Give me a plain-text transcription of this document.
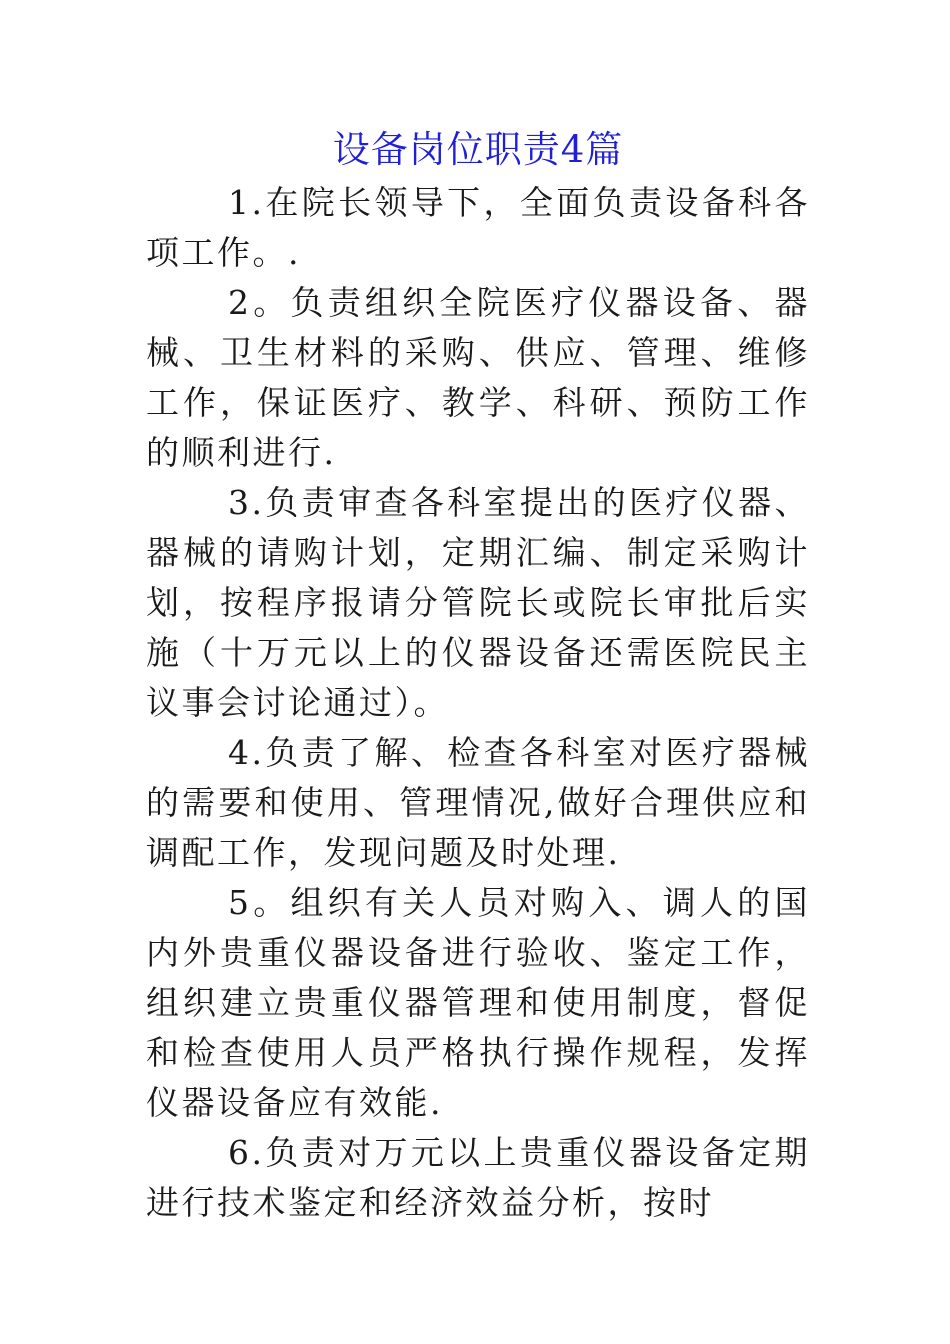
设备岗位职责4篇

1.在院长领导下，全面负责设备科各项工作。.

2。负责组织全院医疗仪器设备、器械、卫生材料的采购、供应、管理、维修工作，保证医疗、教学、科研、预防工作的顺利进行.

3.负责审查各科室提出的医疗仪器、器械的请购计划，定期汇编、制定采购计划，按程序报请分管院长或院长审批后实施（十万元以上的仪器设备还需医院民主议事会讨论通过）。

4.负责了解、检查各科室对医疗器械的需要和使用、管理情况,做好合理供应和调配工作，发现问题及时处理.

5。组织有关人员对购入、调人的国内外贵重仪器设备进行验收、鉴定工作，组织建立贵重仪器管理和使用制度，督促和检查使用人员严格执行操作规程，发挥仪器设备应有效能.

6.负责对万元以上贵重仪器设备定期进行技术鉴定和经济效益分析，按时
